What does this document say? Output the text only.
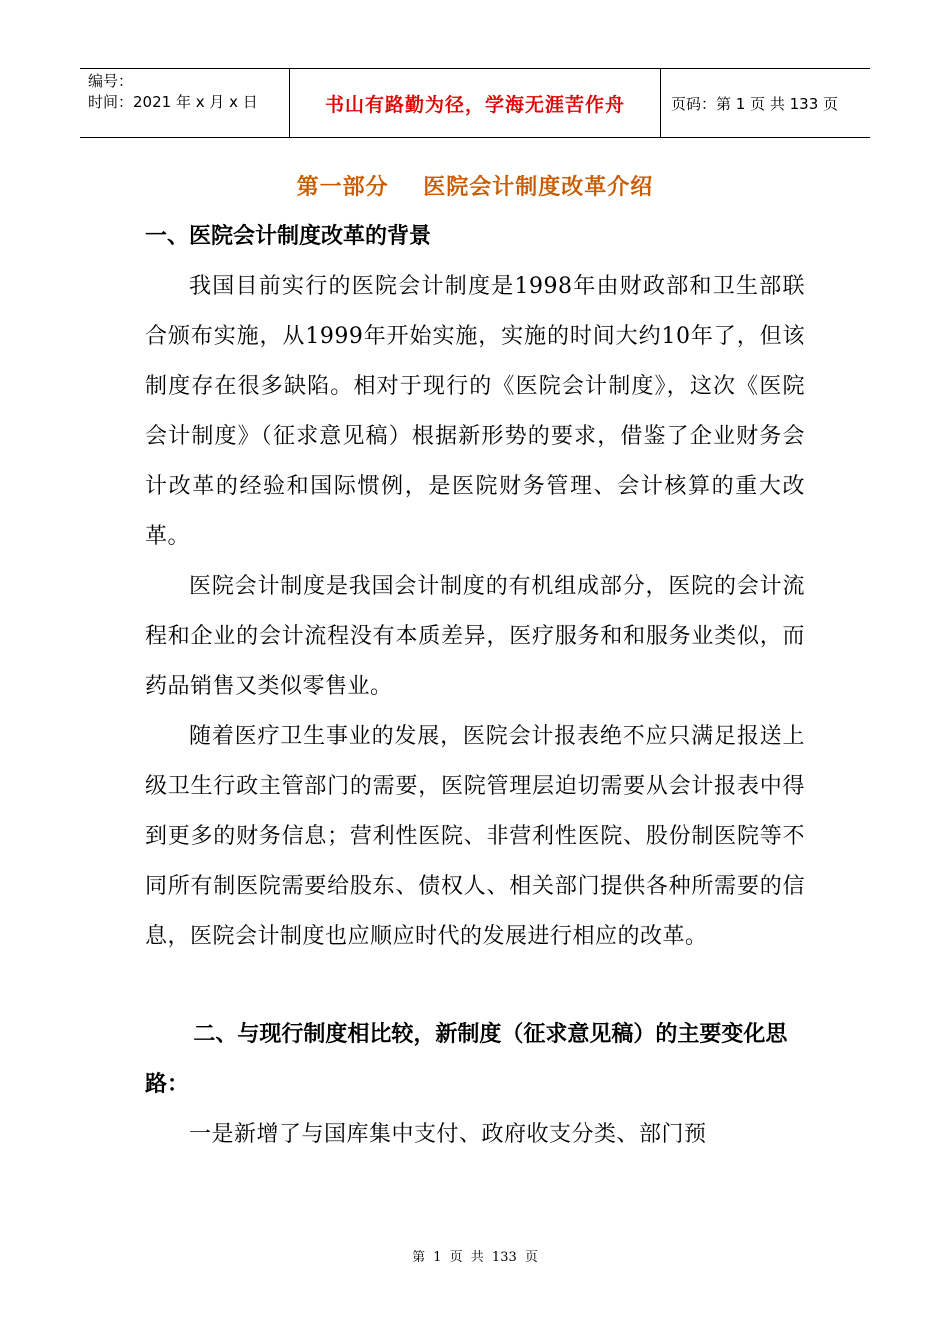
编号：
时间：2021 年 x 月 x 日	书山有路勤为径，学海无涯苦作舟	页码：第 1 页 共 133 页
第一部分    医院会计制度改革介绍
一、医院会计制度改革的背景
我国目前实行的医院会计制度是1998年由财政部和卫生部联合颁布实施，从1999年开始实施，实施的时间大约10年了，但该制度存在很多缺陷。相对于现行的《医院会计制度》，这次《医院会计制度》（征求意见稿）根据新形势的要求，借鉴了企业财务会计改革的经验和国际惯例，是医院财务管理、会计核算的重大改革。
医院会计制度是我国会计制度的有机组成部分，医院的会计流程和企业的会计流程没有本质差异，医疗服务和和服务业类似，而药品销售又类似零售业。
随着医疗卫生事业的发展，医院会计报表绝不应只满足报送上级卫生行政主管部门的需要，医院管理层迫切需要从会计报表中得到更多的财务信息；营利性医院、非营利性医院、股份制医院等不同所有制医院需要给股东、债权人、相关部门提供各种所需要的信息，医院会计制度也应顺应时代的发展进行相应的改革。
二、与现行制度相比较，新制度（征求意见稿）的主要变化思路：
一是新增了与国库集中支付、政府收支分类、部门预
第 1 页 共 133 页
